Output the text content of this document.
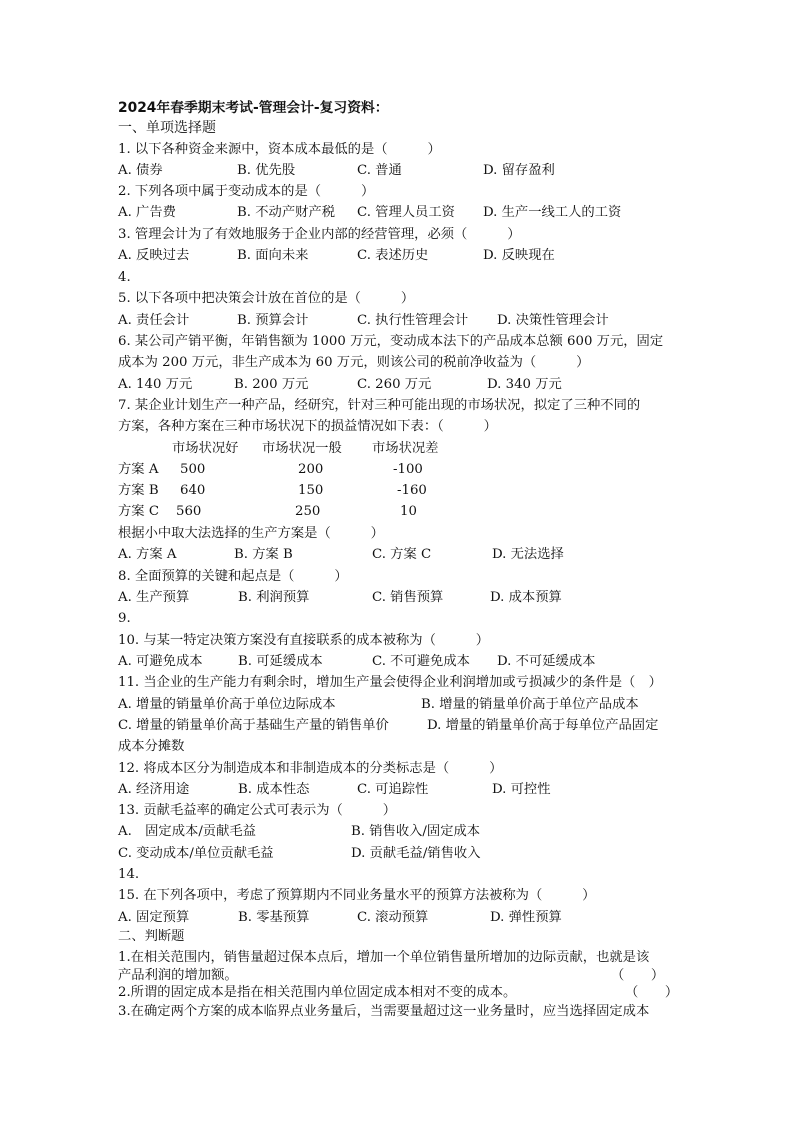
2024年春季期末考试-管理会计-复习资料：
一、单项选择题
1. 以下各种资金来源中，资本成本最低的是（　　　）
A. 债券	B. 优先股	C. 普通	D. 留存盈利
2. 下列各项中属于变动成本的是（　　　）
A. 广告费	B. 不动产财产税 C. 管理人员工资 D. 生产一线工人的工资
3. 管理会计为了有效地服务于企业内部的经营管理，必须（　　　）
A. 反映过去	B. 面向未来	C. 表述历史	D. 反映现在
4.
5. 以下各项中把决策会计放在首位的是（　　　）
A. 责任会计	B. 预算会计	C. 执行性管理会计 D. 决策性管理会计
6. 某公司产销平衡，年销售额为 1000 万元，变动成本法下的产品成本总额 600 万元，固定
成本为 200 万元，非生产成本为 60 万元，则该公司的税前净收益为（　　　）
A. 140 万元	B. 200 万元	C. 260 万元	D. 340 万元
7. 某企业计划生产一种产品，经研究，针对三种可能出现的市场状况，拟定了三种不同的
方案，各种方案在三种市场状况下的损益情况如下表：（　　　）
市场状况好 市场状况一般 市场状况差
方案 A 500	200	-100
方案 B 640	150	-160
方案 C 560	250	10
根据小中取大法选择的生产方案是（　　　）
A. 方案 A	B. 方案 B	C. 方案 C	D. 无法选择
8. 全面预算的关键和起点是（　　　）
A. 生产预算	B. 利润预算	C. 销售预算	D. 成本预算
9.
10. 与某一特定决策方案没有直接联系的成本被称为（　　　）
A. 可避免成本	B. 可延缓成本	C. 不可避免成本 D. 不可延缓成本
11. 当企业的生产能力有剩余时，增加生产量会使得企业利润增加或亏损减少的条件是（　）
A. 增量的销量单价高于单位边际成本	B. 增量的销量单价高于单位产品成本
C. 增量的销量单价高于基础生产量的销售单价	D. 增量的销量单价高于每单位产品固定
成本分摊数
12. 将成本区分为制造成本和非制造成本的分类标志是（　　　）
A. 经济用途	B. 成本性态	C. 可追踪性	D. 可控性
13. 贡献毛益率的确定公式可表示为（　　　）
A.　固定成本/贡献毛益	B. 销售收入/固定成本
C. 变动成本/单位贡献毛益	D. 贡献毛益/销售收入
14.
15. 在下列各项中，考虑了预算期内不同业务量水平的预算方法被称为（　　　）
A. 固定预算	B. 零基预算	C. 滚动预算	D. 弹性预算
二、判断题
1.在相关范围内，销售量超过保本点后，增加一个单位销售量所增加的边际贡献，也就是该
产品利润的增加额。	（　　）
2.所谓的固定成本是指在相关范围内单位固定成本相对不变的成本。	（　　）
3.在确定两个方案的成本临界点业务量后，当需要量超过这一业务量时，应当选择固定成本
